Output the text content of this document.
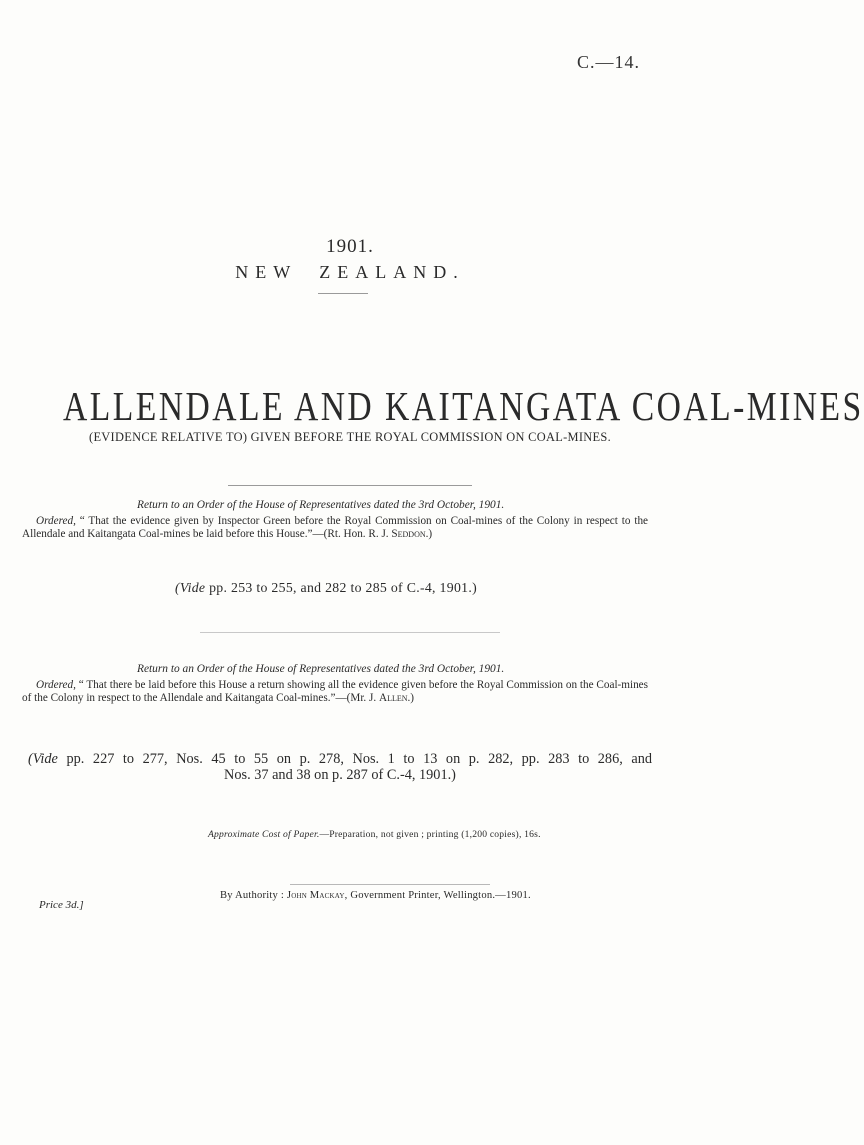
C.—14.
1901.
NEW ZEALAND.
ALLENDALE AND KAITANGATA COAL-MINES
(EVIDENCE RELATIVE TO) GIVEN BEFORE THE ROYAL COMMISSION ON COAL-MINES.
Return to an Order of the House of Representatives dated the 3rd October, 1901.
Ordered, “ That the evidence given by Inspector Green before the Royal Commission on Coal-mines of the Colony in respect to the Allendale and Kaitangata Coal-mines be laid before this House.”—(Rt. Hon. R. J. Seddon.)
(Vide pp. 253 to 255, and 282 to 285 of C.-4, 1901.)
Return to an Order of the House of Representatives dated the 3rd October, 1901.
Ordered, “ That there be laid before this House a return showing all the evidence given before the Royal Commission on the Coal-mines of the Colony in respect to the Allendale and Kaitangata Coal-mines.”—(Mr. J. Allen.)
(Vide pp. 227 to 277, Nos. 45 to 55 on p. 278, Nos. 1 to 13 on p. 282, pp. 283 to 286, and
Nos. 37 and 38 on p. 287 of C.-4, 1901.)
Approximate Cost of Paper.—Preparation, not given ; printing (1,200 copies), 16s.
Price 3d.]
By Authority : John Mackay, Government Printer, Wellington.—1901.
